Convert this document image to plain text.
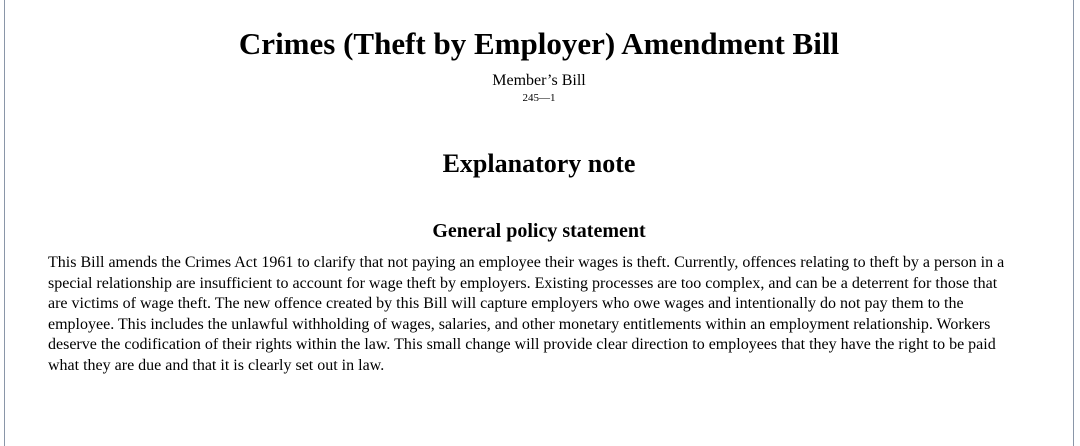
Crimes (Theft by Employer) Amendment Bill
Member’s Bill
245—1
Explanatory note
General policy statement

This Bill amends the Crimes Act 1961 to clarify that not paying an employee their wages is theft. Currently, offences relating to theft by a person in a special relationship are insufficient to account for wage theft by employers. Existing processes are too complex, and can be a deterrent for those that are victims of wage theft. The new offence created by this Bill will capture employers who owe wages and intentionally do not pay them to the employee. This includes the unlawful withholding of wages, salaries, and other monetary entitlements within an employment relationship. Workers deserve the codification of their rights within the law. This small change will provide clear direction to employees that they have the right to be paid what they are due and that it is clearly set out in law.
